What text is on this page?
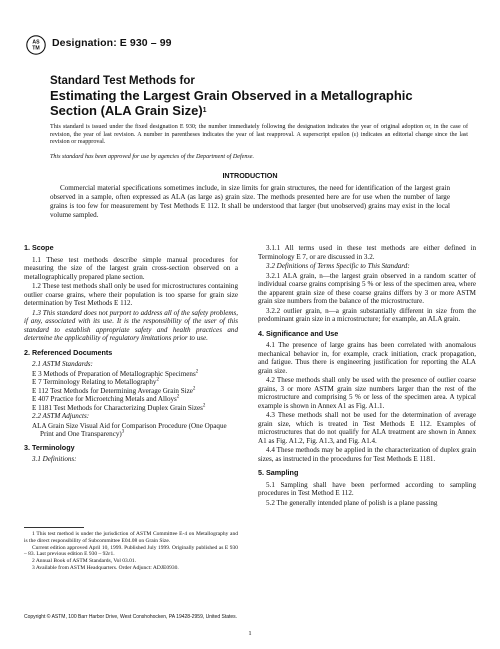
AS
TM Designation: E 930 – 99
Standard Test Methods for
Estimating the Largest Grain Observed in a Metallographic
Section (ALA Grain Size)$^1$
This standard is issued under the fixed designation E 930; the number immediately following the designation indicates the year of original adoption or, in the case of revision, the year of last revision. A number in parentheses indicates the year of last reapproval. A superscript epsilon (ε) indicates an editorial change since the last revision or reapproval.
This standard has been approved for use by agencies of the Department of Defense.
INTRODUCTION
Commercial material specifications sometimes include, in size limits for grain structures, the need for identification of the largest grain observed in a sample, often expressed as ALA (as large as) grain size. The methods presented here are for use when the number of large grains is too few for measurement by Test Methods E 112. It shall be understood that larger (but unobserved) grains may exist in the local volume sampled.
1. Scope
1.1 These test methods describe simple manual procedures for measuring the size of the largest grain cross-section observed on a metallographically prepared plane section.
1.2 These test methods shall only be used for microstructures containing outlier coarse grains, where their population is too sparse for grain size determination by Test Methods E 112.
1.3 This standard does not purport to address all of the safety problems, if any, associated with its use. It is the responsibility of the user of this standard to establish appropriate safety and health practices and determine the applicability of regulatory limitations prior to use.
2. Referenced Documents
2.1 ASTM Standards:
E 3 Methods of Preparation of Metallographic Specimens$^2$
E 7 Terminology Relating to Metallography$^2$
E 112 Test Methods for Determining Average Grain Size$^2$
E 407 Practice for Microetching Metals and Alloys$^2$
E 1181 Test Methods for Characterizing Duplex Grain Sizes$^2$
2.2 ASTM Adjuncts:
ALA Grain Size Visual Aid for Comparison Procedure (One Opaque Print and One Transparency)$^3$
3. Terminology
3.1 Definitions:
3.1.1 All terms used in these test methods are either defined in Terminology E 7, or are discussed in 3.2.
3.2 Definitions of Terms Specific to This Standard:
3.2.1 ALA grain, n—the largest grain observed in a random scatter of individual coarse grains comprising 5 % or less of the specimen area, where the apparent grain size of these coarse grains differs by 3 or more ASTM grain size numbers from the balance of the microstructure.
3.2.2 outlier grain, n—a grain substantially different in size from the predominant grain size in a microstructure; for example, an ALA grain.
4. Significance and Use
4.1 The presence of large grains has been correlated with anomalous mechanical behavior in, for example, crack initiation, crack propagation, and fatigue. Thus there is engineering justification for reporting the ALA grain size.
4.2 These methods shall only be used with the presence of outlier coarse grains, 3 or more ASTM grain size numbers larger than the rest of the microstructure and comprising 5 % or less of the specimen area. A typical example is shown in Annex A1 as Fig. A1.1.
4.3 These methods shall not be used for the determination of average grain size, which is treated in Test Methods E 112. Examples of microstructures that do not qualify for ALA treatment are shown in Annex A1 as Fig. A1.2, Fig. A1.3, and Fig. A1.4.
4.4 These methods may be applied in the characterization of duplex grain sizes, as instructed in the procedures for Test Methods E 1181.
5. Sampling
5.1 Sampling shall have been performed according to sampling procedures in Test Method E 112.
5.2 The generally intended plane of polish is a plane passing

1 This test method is under the jurisdiction of ASTM Committee E-4 on Metallography and is the direct responsibility of Subcommittee E04.08 on Grain Size.

Current edition approved April 10, 1999. Published July 1999. Originally published as E 930 – 83. Last previous edition E 930 – 92ε1.

2 Annual Book of ASTM Standards, Vol 03.01.

3 Available from ASTM Headquarters. Order Adjunct: ADJE0930.

Copyright © ASTM, 100 Barr Harbor Drive, West Conshohocken, PA 19428-2959, United States.
1
